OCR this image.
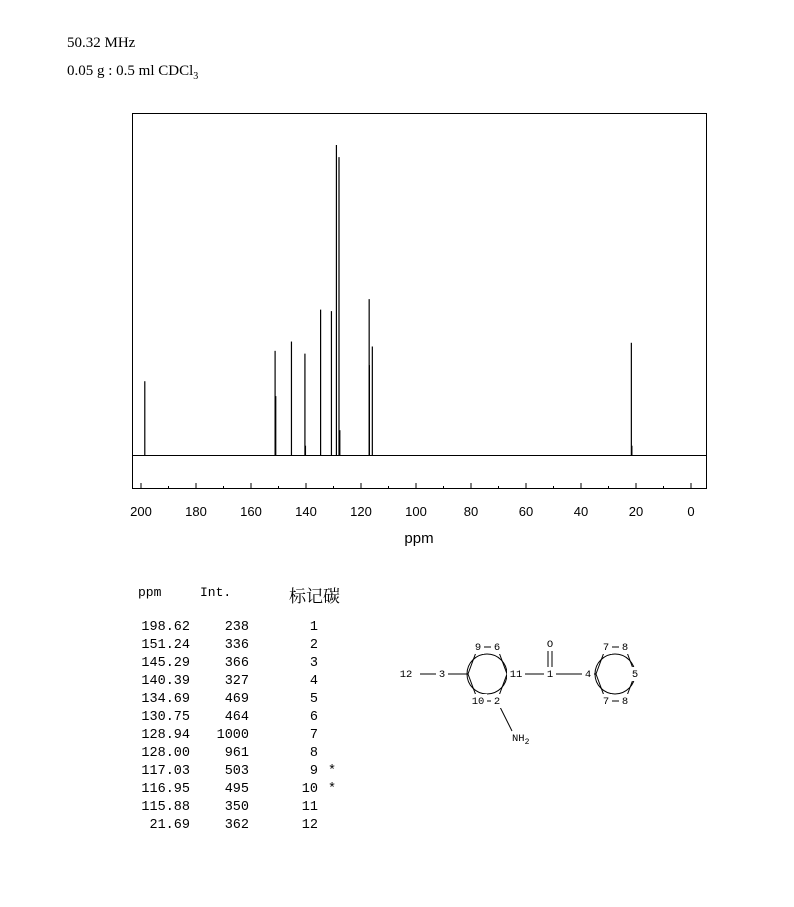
50.32 MHz
0.05 g : 0.5 ml CDCl$_3$
200	180	160	140	120	100	80	60	40	20	0
ppm
ppm	Int.	标记碳
198.62	238	1
151.24	336	2
145.29	366	3
140.39	327	4
134.69	469	5
130.75	464	6
128.94	1000	7
128.00	961	8
117.03	503	9 *
116.95	495	10 *
115.88	350	11
21.69	362	12
12	3
9 6
11
10 2
O
1	4
7 8
5
7 8
$NH_2$
